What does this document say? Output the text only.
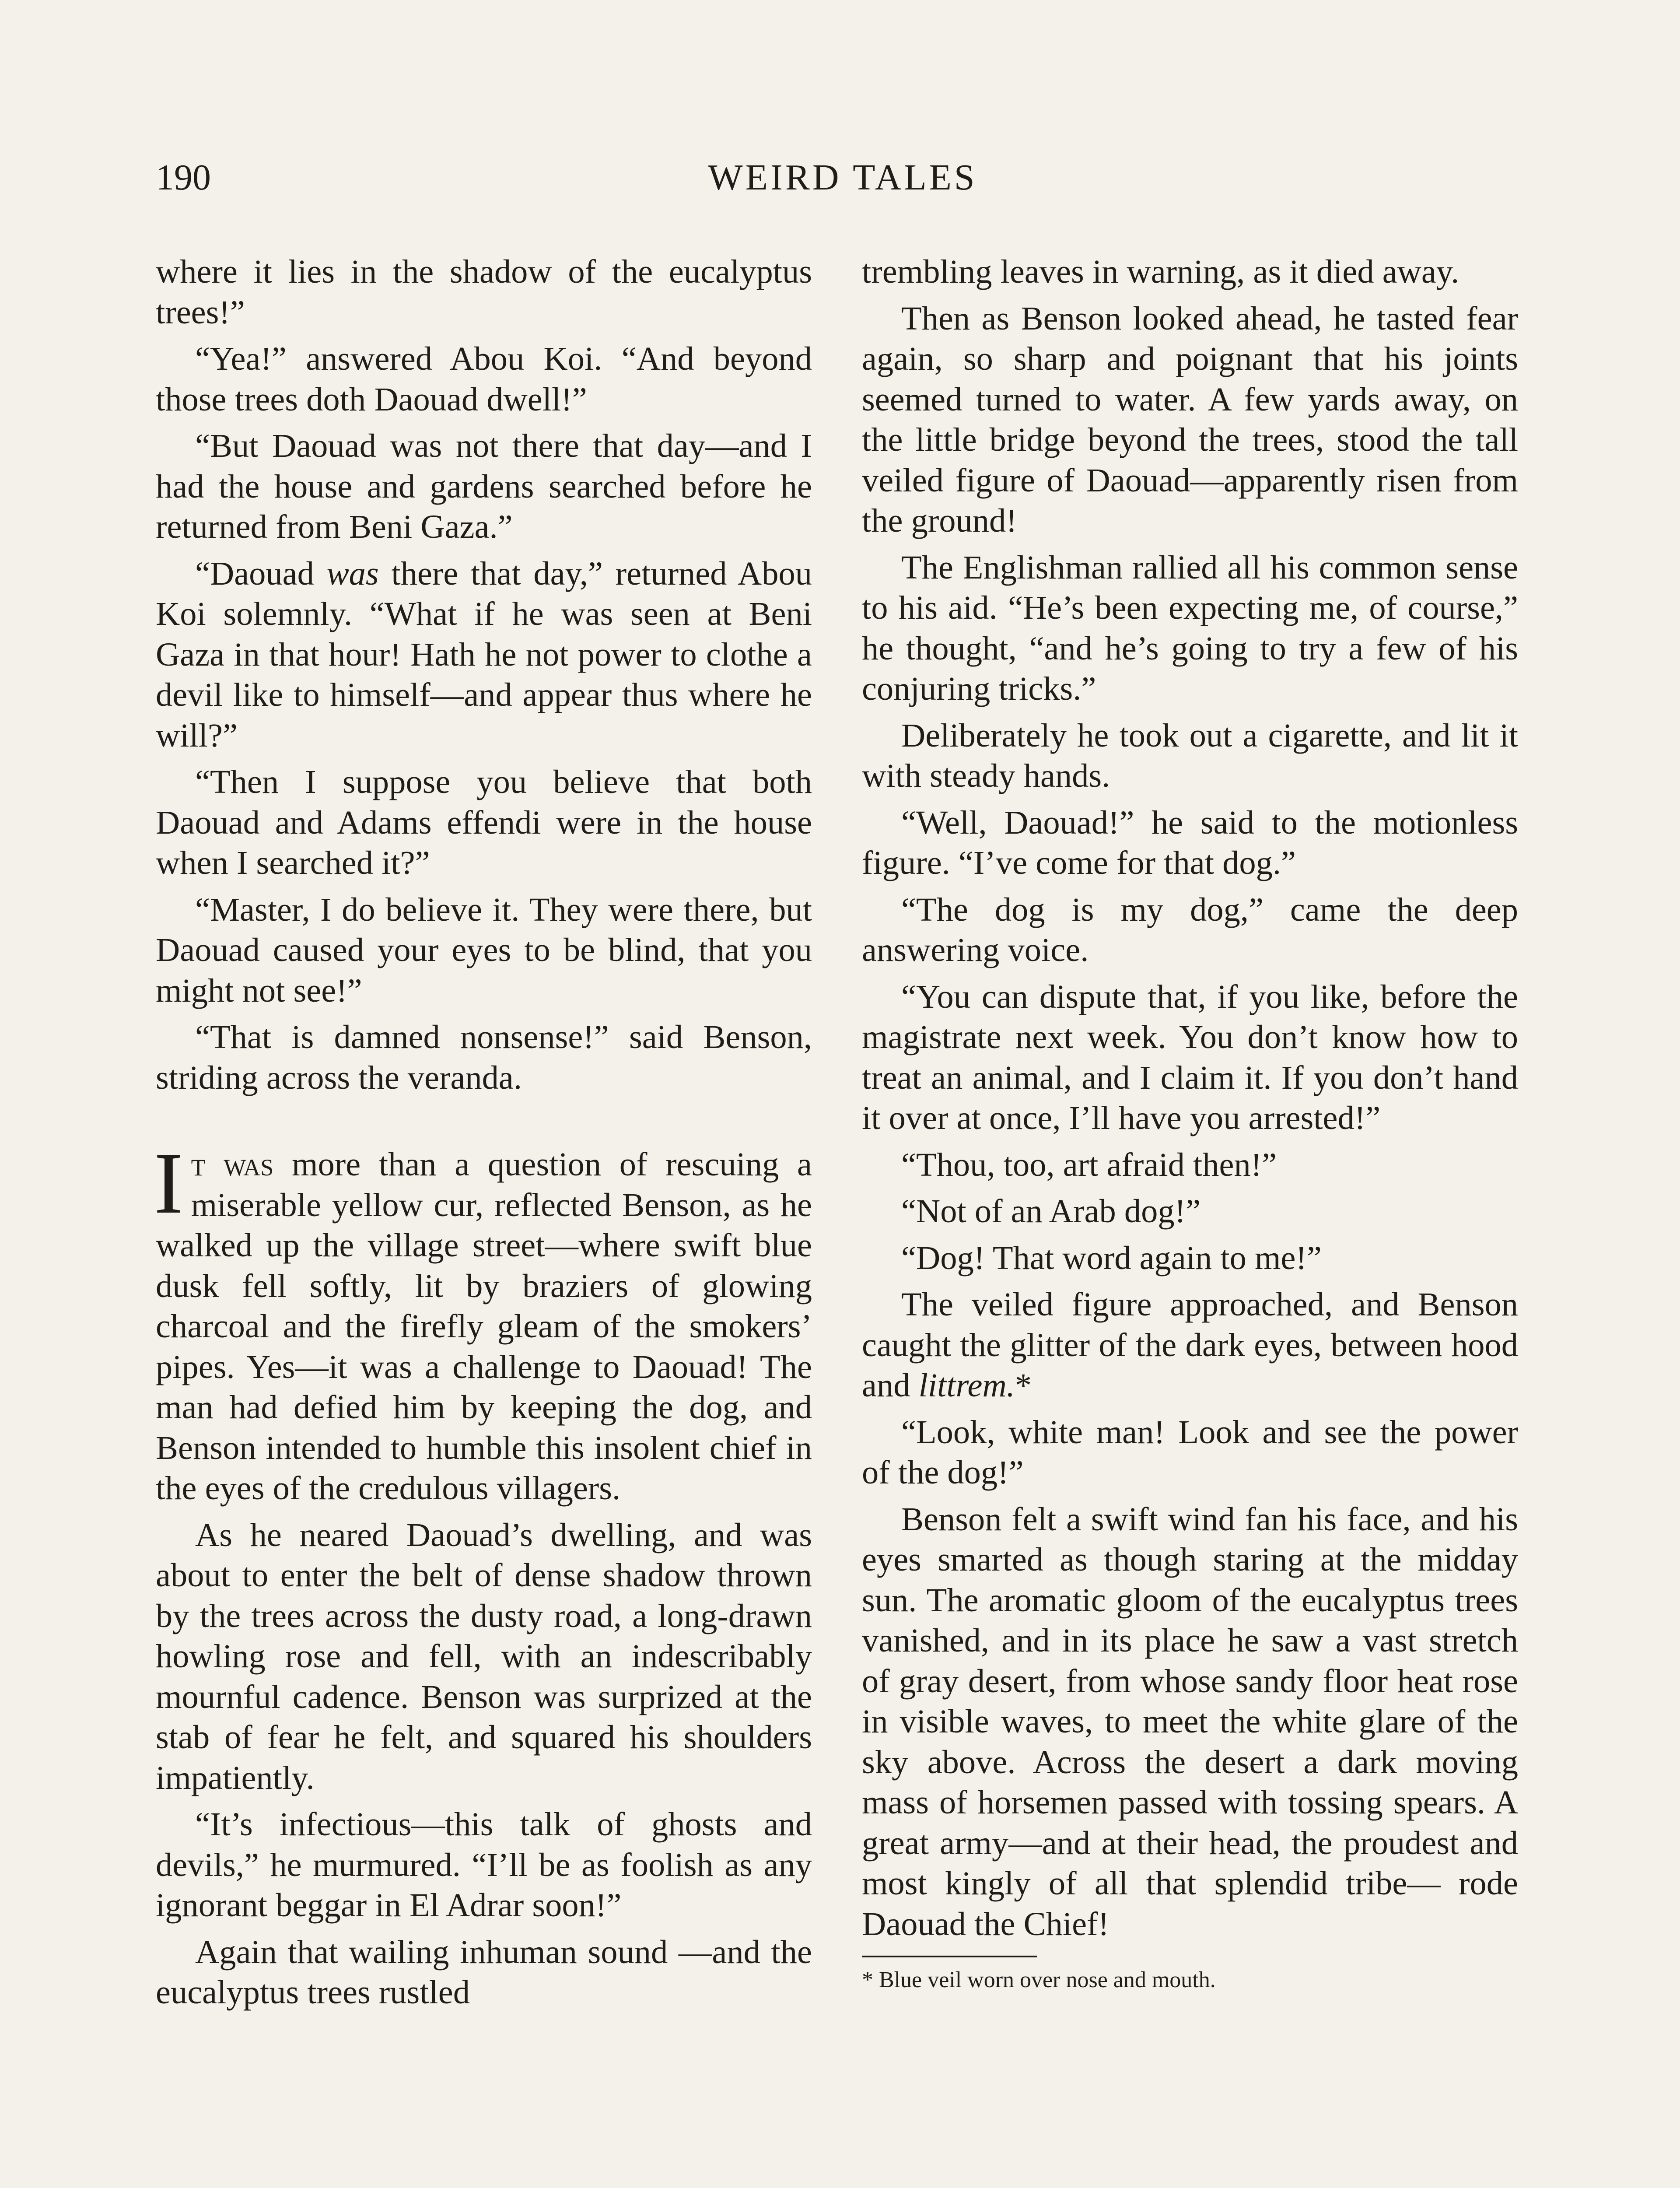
190	WEIRD TALES

where it lies in the shadow of the eucalyptus trees!”

“Yea!” answered Abou Koi. “And beyond those trees doth Daouad dwell!”

“But Daouad was not there that day—and I had the house and gardens searched before he returned from Beni Gaza.”

“Daouad was there that day,” returned Abou Koi solemnly. “What if he was seen at Beni Gaza in that hour! Hath he not power to clothe a devil like to himself—and appear thus where he will?”

“Then I suppose you believe that both Daouad and Adams effendi were in the house when I searched it?”

“Master, I do believe it. They were there, but Daouad caused your eyes to be blind, that you might not see!”

“That is damned nonsense!” said Benson, striding across the veranda.

It was more than a question of rescuing a miserable yellow cur, reflected Benson, as he walked up the village street—where swift blue dusk fell softly, lit by braziers of glowing charcoal and the firefly gleam of the smokers’ pipes. Yes—it was a challenge to Daouad! The man had defied him by keeping the dog, and Benson intended to humble this insolent chief in the eyes of the credulous villagers.

As he neared Daouad’s dwelling, and was about to enter the belt of dense shadow thrown by the trees across the dusty road, a long-drawn howling rose and fell, with an indescribably mournful cadence. Benson was surprized at the stab of fear he felt, and squared his shoulders impatiently.

“It’s infectious—this talk of ghosts and devils,” he murmured. “I’ll be as foolish as any ignorant beggar in El Adrar soon!”

Again that wailing inhuman sound —and the eucalyptus trees rustled

trembling leaves in warning, as it died away.

Then as Benson looked ahead, he tasted fear again, so sharp and poignant that his joints seemed turned to water. A few yards away, on the little bridge beyond the trees, stood the tall veiled figure of Daouad—apparently risen from the ground!

The Englishman rallied all his common sense to his aid. “He’s been expecting me, of course,” he thought, “and he’s going to try a few of his conjuring tricks.”

Deliberately he took out a cigarette, and lit it with steady hands.

“Well, Daouad!” he said to the motionless figure. “I’ve come for that dog.”

“The dog is my dog,” came the deep answering voice.

“You can dispute that, if you like, before the magistrate next week. You don’t know how to treat an animal, and I claim it. If you don’t hand it over at once, I’ll have you arrested!”

“Thou, too, art afraid then!”

“Not of an Arab dog!”

“Dog! That word again to me!”

The veiled figure approached, and Benson caught the glitter of the dark eyes, between hood and littrem.*

“Look, white man! Look and see the power of the dog!”

Benson felt a swift wind fan his face, and his eyes smarted as though staring at the midday sun. The aromatic gloom of the eucalyptus trees vanished, and in its place he saw a vast stretch of gray desert, from whose sandy floor heat rose in visible waves, to meet the white glare of the sky above. Across the desert a dark moving mass of horsemen passed with tossing spears. A great army—and at their head, the proudest and most kingly of all that splendid tribe— rode Daouad the Chief!

* Blue veil worn over nose and mouth.
